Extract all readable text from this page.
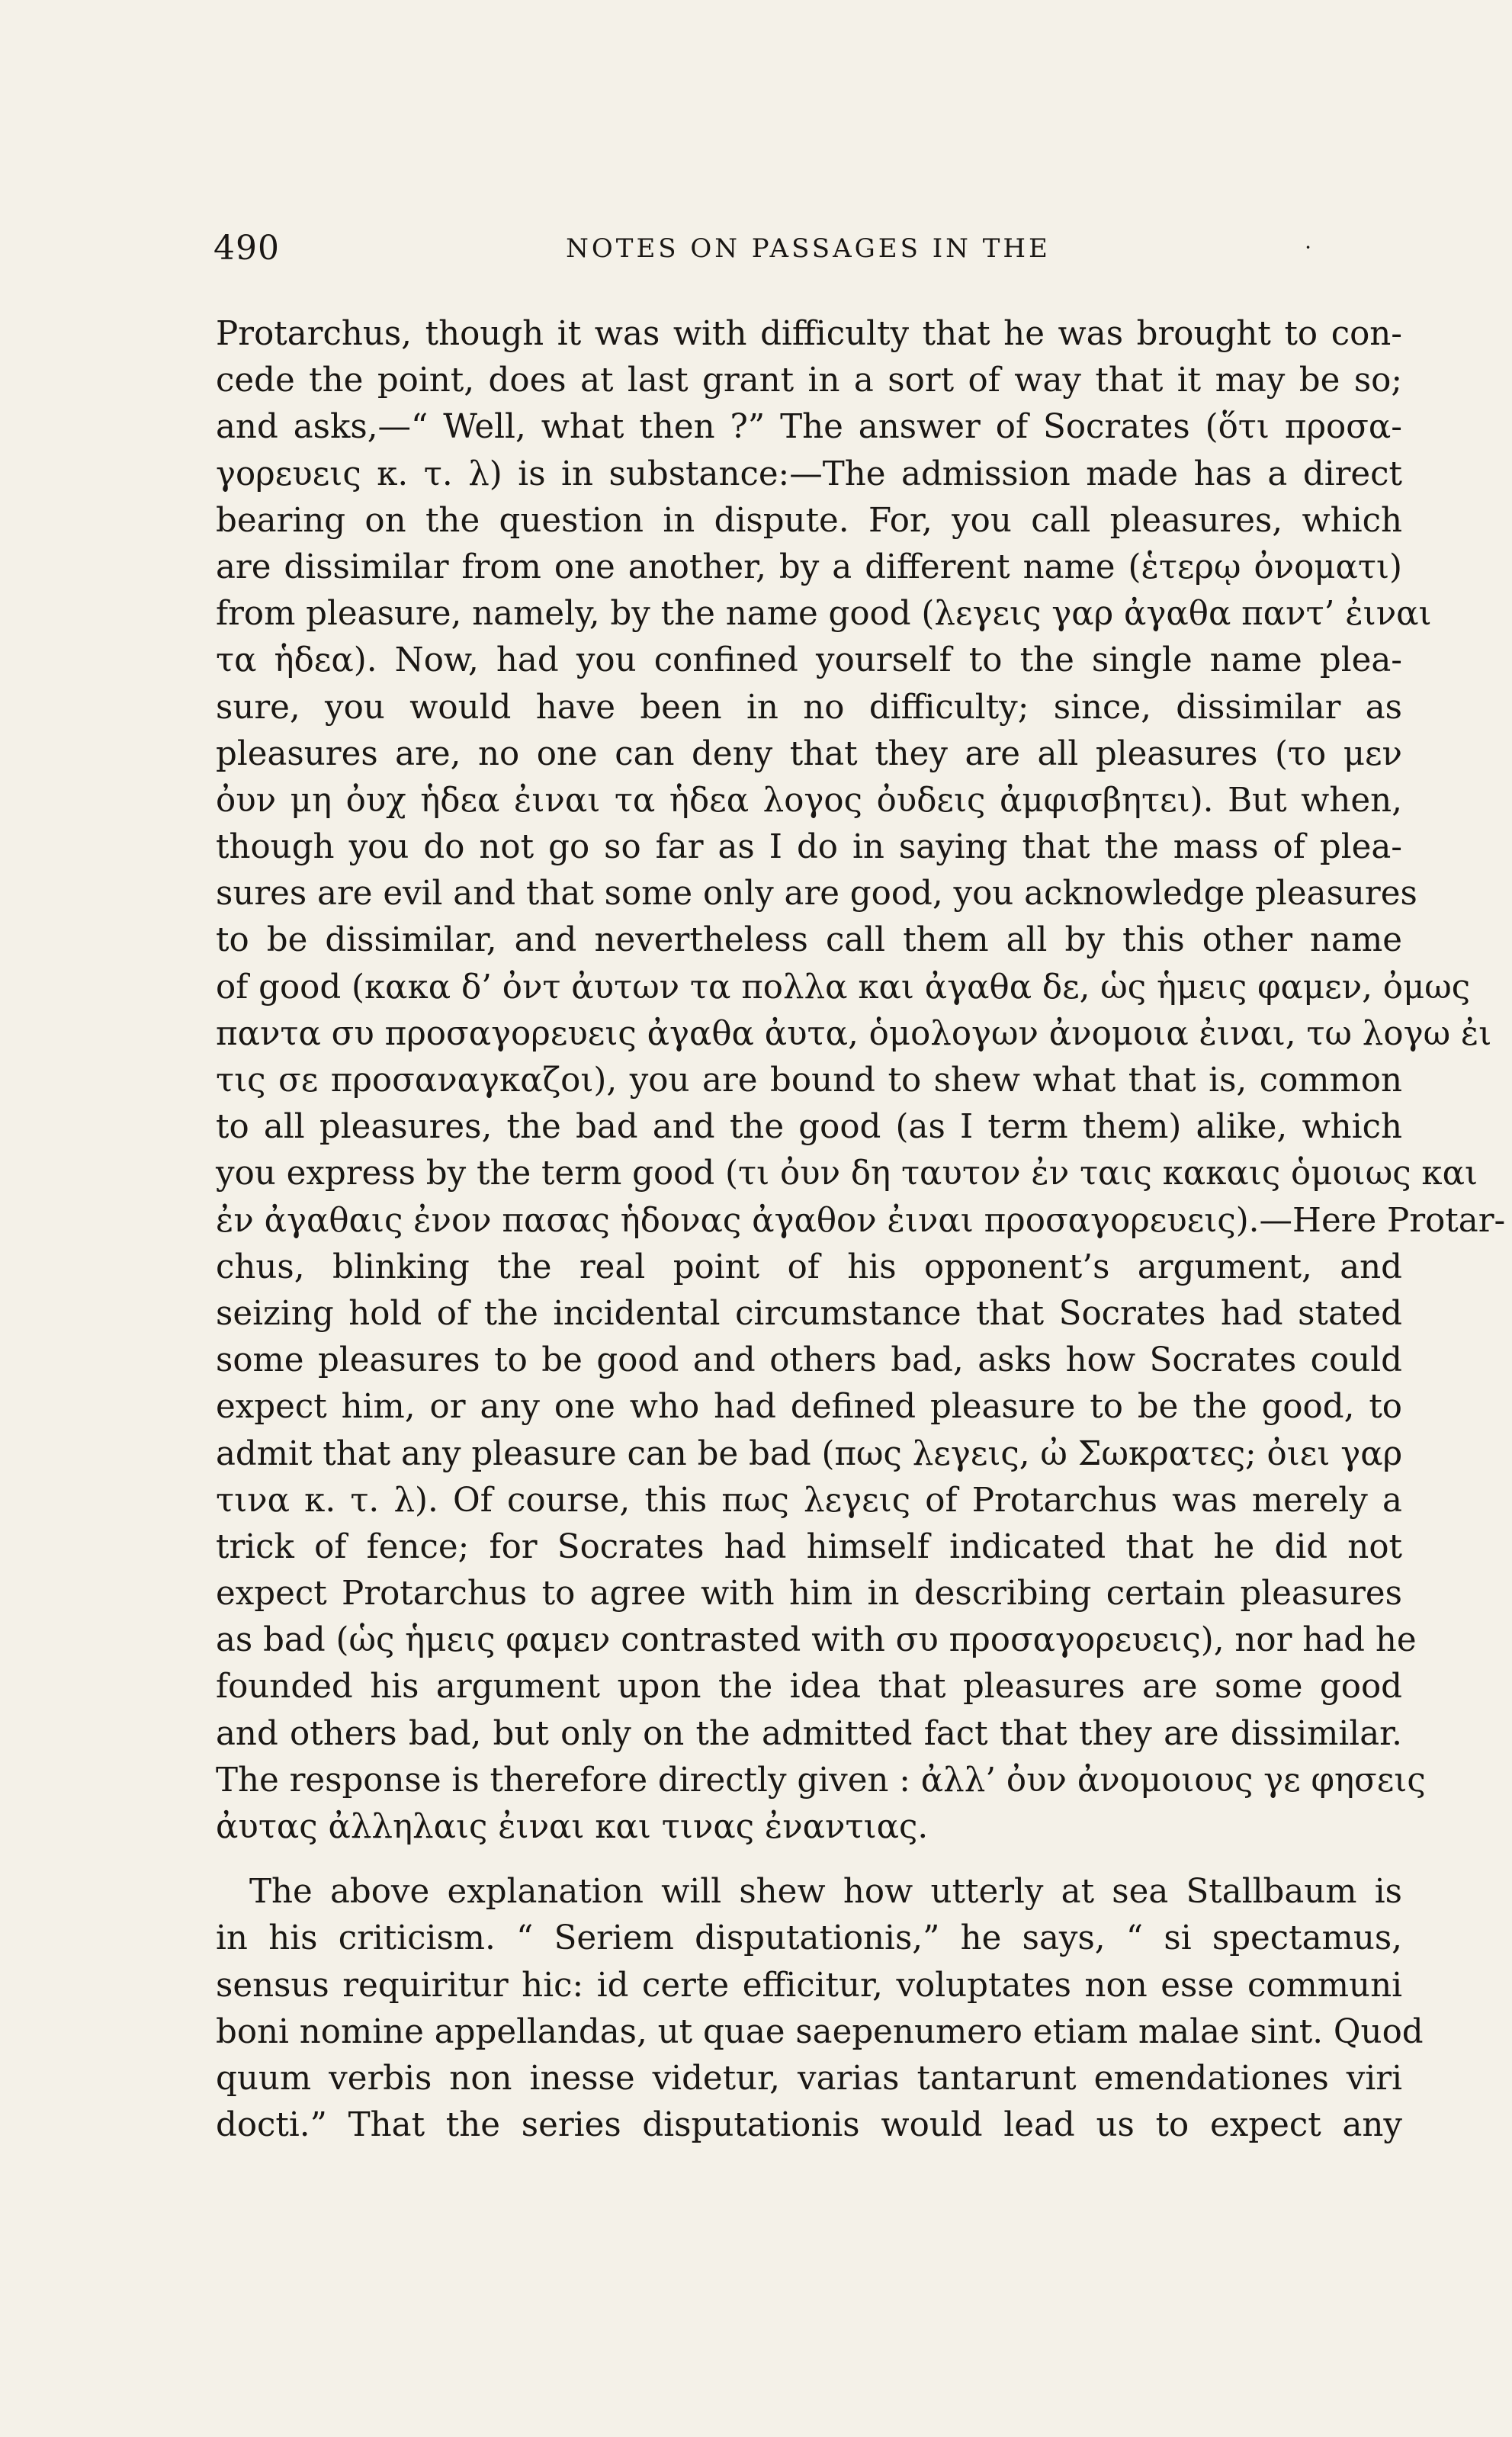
490	NOTES ON PASSAGES IN THE	·
Protarchus, though it was with difficulty that he was brought to con-
cede the point, does at last grant in a sort of way that it may be so;
and asks,—“ Well, what then ?” The answer of Socrates (ὅτι προσα-
γορευεις κ. τ. λ) is in substance:—The admission made has a direct
bearing on the question in dispute. For, you call pleasures, which
are dissimilar from one another, by a different name (ἑτερῳ ὀνοματι)
from pleasure, namely, by the name good (λεγεις γαρ ἀγαθα παντ’ ἐιναι
τα ἡδεα). Now, had you confined yourself to the single name plea-
sure, you would have been in no difficulty; since, dissimilar as
pleasures are, no one can deny that they are all pleasures (το μεν
ὀυν μη ὀυχ ἡδεα ἐιναι τα ἡδεα λογος ὀυδεις ἀμφισβητει). But when,
though you do not go so far as I do in saying that the mass of plea-
sures are evil and that some only are good, you acknowledge pleasures
to be dissimilar, and nevertheless call them all by this other name
of good (κακα δ’ ὀντ ἀυτων τα πολλα και ἀγαθα δε, ὡς ἡμεις φαμεν, ὀμως
παντα συ προσαγορευεις ἀγαθα ἀυτα, ὁμολογων ἀνομοια ἐιναι, τω λογω ἐι
τις σε προσαναγκαζοι), you are bound to shew what that is, common
to all pleasures, the bad and the good (as I term them) alike, which
you express by the term good (τι ὀυν δη ταυτον ἐν ταις κακαις ὁμοιως και
ἐν ἀγαθαις ἐνον πασας ἡδονας ἀγαθον ἐιναι προσαγορευεις).—Here Protar-
chus, blinking the real point of his opponent’s argument, and
seizing hold of the incidental circumstance that Socrates had stated
some pleasures to be good and others bad, asks how Socrates could
expect him, or any one who had defined pleasure to be the good, to
admit that any pleasure can be bad (πως λεγεις, ὠ Σωκρατες; ὀιει γαρ
τινα κ. τ. λ). Of course, this πως λεγεις of Protarchus was merely a
trick of fence; for Socrates had himself indicated that he did not
expect Protarchus to agree with him in describing certain pleasures
as bad (ὡς ἡμεις φαμεν contrasted with συ προσαγορευεις), nor had he
founded his argument upon the idea that pleasures are some good
and others bad, but only on the admitted fact that they are dissimilar.
The response is therefore directly given : ἀλλ’ ὀυν ἀνομοιους γε φησεις
ἀυτας ἀλληλαις ἐιναι και τινας ἐναντιας.
The above explanation will shew how utterly at sea Stallbaum is
in his criticism. “ Seriem disputationis,” he says, “ si spectamus,
sensus requiritur hic: id certe efficitur, voluptates non esse communi
boni nomine appellandas, ut quae saepenumero etiam malae sint. Quod
quum verbis non inesse videtur, varias tantarunt emendationes viri
docti.” That the series disputationis would lead us to expect any
